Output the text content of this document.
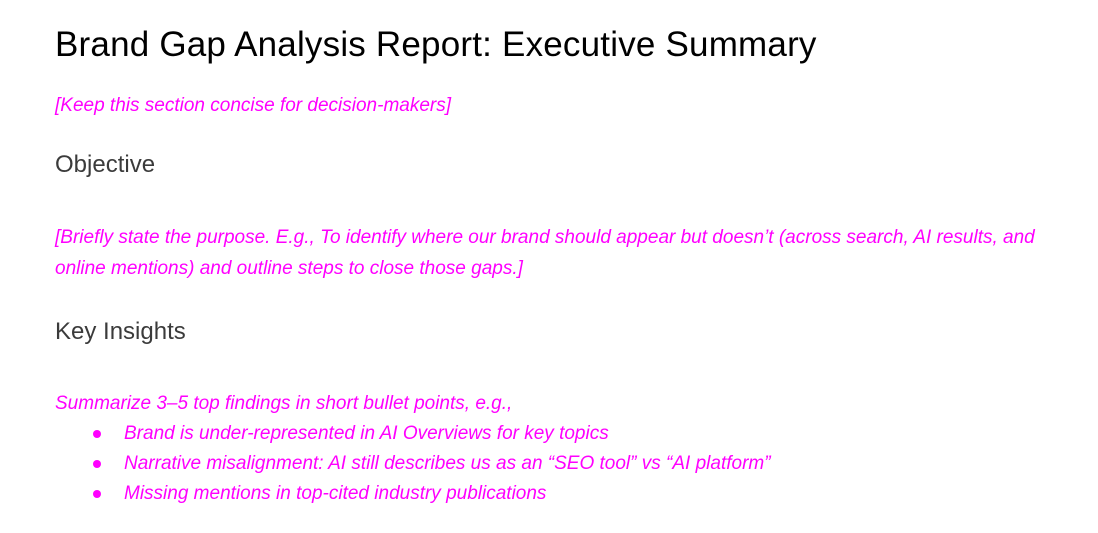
Brand Gap Analysis Report: Executive Summary

[Keep this section concise for decision-makers]

Objective

[Briefly state the purpose. E.g., To identify where our brand should appear but doesn’t (across search, AI results, and online mentions) and outline steps to close those gaps.]

Key Insights

Summarize 3–5 top findings in short bullet points, e.g.,

Brand is under-represented in AI Overviews for key topics
Narrative misalignment: AI still describes us as an “SEO tool” vs “AI platform”
Missing mentions in top-cited industry publications
